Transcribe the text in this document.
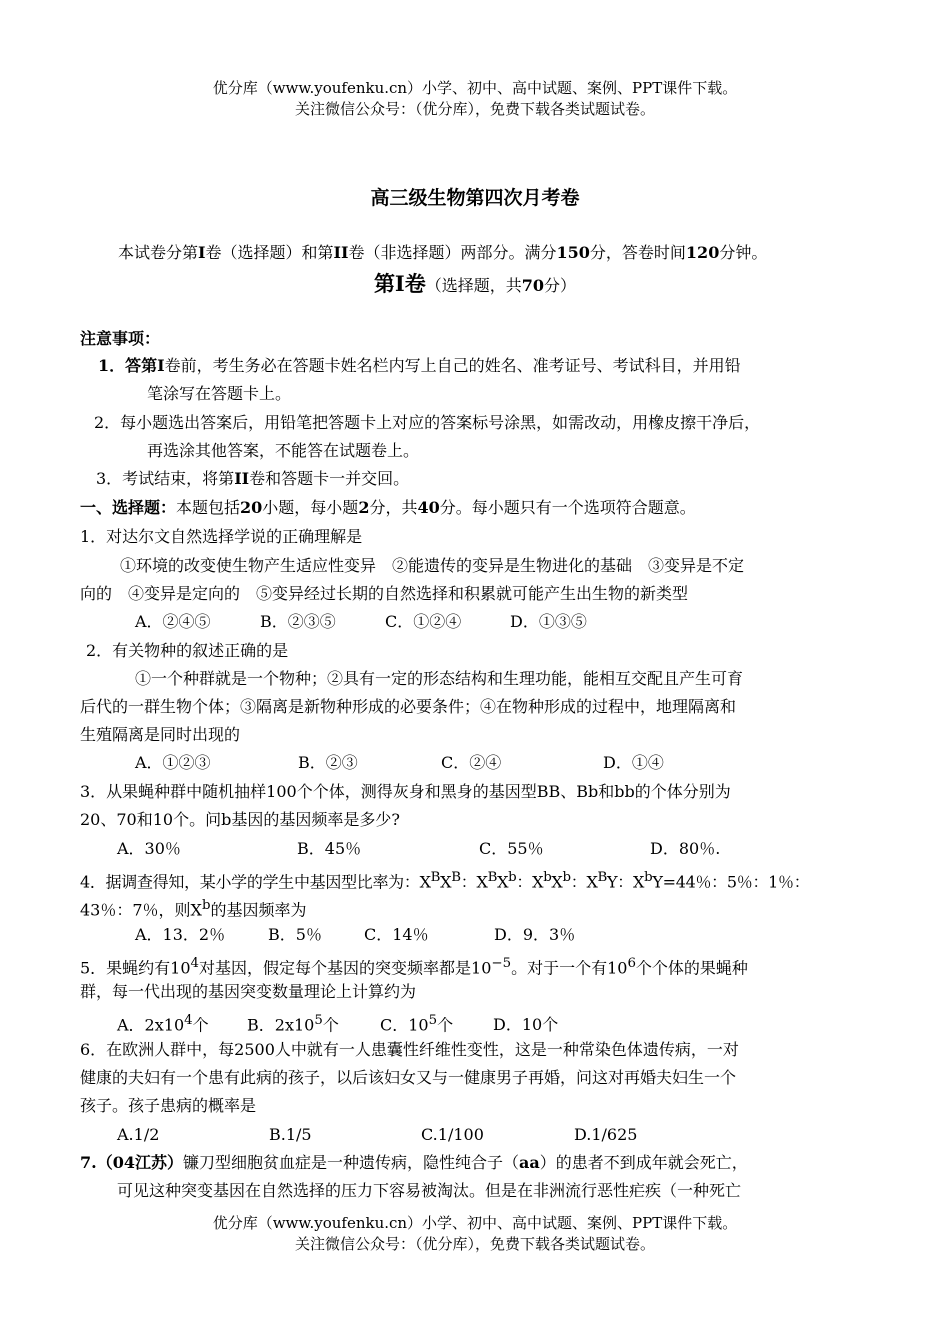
优分库（www.youfenku.cn）小学、初中、高中试题、案例、PPT课件下载。
关注微信公众号：（优分库），免费下载各类试题试卷。
高三级生物第四次月考卷
本试卷分第I卷（选择题）和第II卷（非选择题）两部分。满分150分，答卷时间120分钟。
第I卷（选择题，共70分）
注意事项：
1．答第I卷前，考生务必在答题卡姓名栏内写上自己的姓名、准考证号、考试科目，并用铅
笔涂写在答题卡上。
2．每小题选出答案后，用铅笔把答题卡上对应的答案标号涂黑，如需改动，用橡皮擦干净后，
再选涂其他答案，不能答在试题卷上。
3．考试结束，将第II卷和答题卡一并交回。
一、选择题：本题包括20小题，每小题2分，共40分。每小题只有一个选项符合题意。
1．对达尔文自然选择学说的正确理解是
①环境的改变使生物产生适应性变异　②能遗传的变异是生物进化的基础　③变异是不定
向的　④变异是定向的　⑤变异经过长期的自然选择和积累就可能产生出生物的新类型
A．②④⑤	B．②③⑤	C．①②④	D．①③⑤
2．有关物种的叙述正确的是
①一个种群就是一个物种；②具有一定的形态结构和生理功能，能相互交配且产生可育
后代的一群生物个体；③隔离是新物种形成的必要条件；④在物种形成的过程中，地理隔离和
生殖隔离是同时出现的
A．①②③	B．②③	C．②④	D．①④
3．从果蝇种群中随机抽样100个个体，测得灰身和黑身的基因型BB、Bb和bb的个体分别为
20、70和10个。问b基因的基因频率是多少?
A．30％	B．45％	C．55％	D．80％.
4．据调查得知，某小学的学生中基因型比率为：$X^BX^B$：$X^BX^b$：$X^bX^b$：$X^BY$：$X^bY=44$％：5％：1％：
43％：7％，则$X^b$的基因频率为
A．13．2％	B．5％	C．14％	D．9．3％
5．果蝇约有$10^4$对基因，假定每个基因的突变频率都是$10^{-5}$。对于一个有$10^6$个个体的果蝇种
群，每一代出现的基因突变数量理论上计算约为
A．$2x10^4$个 B．$2x10^5$个	C．$10^5$个 D．10个
6．在欧洲人群中，每2500人中就有一人患囊性纤维性变性，这是一种常染色体遗传病，一对
健康的夫妇有一个患有此病的孩子，以后该妇女又与一健康男子再婚，问这对再婚夫妇生一个
孩子。孩子患病的概率是
A.1/2	B.1/5	C.1/100	D.1/625
7.（04江苏）镰刀型细胞贫血症是一种遗传病，隐性纯合子（aa）的患者不到成年就会死亡，
可见这种突变基因在自然选择的压力下容易被淘汰。但是在非洲流行恶性疟疾（一种死亡
优分库（www.youfenku.cn）小学、初中、高中试题、案例、PPT课件下载。
关注微信公众号：（优分库），免费下载各类试题试卷。
